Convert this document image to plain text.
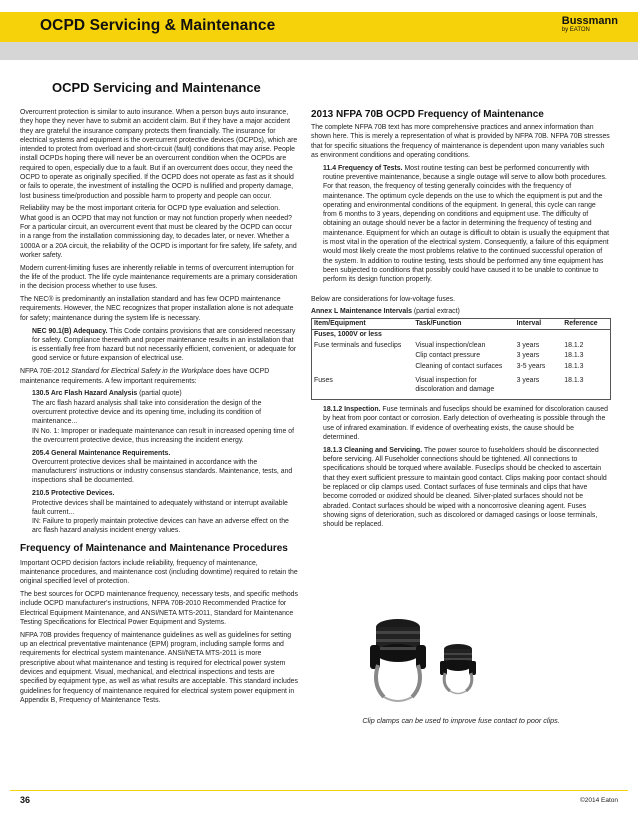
OCPD Servicing & Maintenance	Bussmann
by EATON
OCPD Servicing and Maintenance

Overcurrent protection is similar to auto insurance. When a person buys auto insurance, they hope they never have to submit an accident claim. But if they have a major accident they are grateful the insurance company protects them financially. The insurance for electrical systems and equipment is the overcurrent protective devices (OCPDs), which are intended to protect from overload and short-circuit (fault) conditions that may arise. People install OCPDs hoping there will never be an overcurrent condition when the OCPDs are required to open, especially due to a fault. But if an overcurrent does occur, they need the OCPD to operate as originally specified. If the OCPD does not operate as fast as it should or fails to operate, the investment of installing the OCPD is nullified and property damage, lost business time/production and possible harm to property and people can occur.

Reliability may be the most important criteria for OCPD type evaluation and selection. What good is an OCPD that may not function or may not function properly when needed? For a particular circuit, an overcurrent event that must be cleared by the OCPD can occur in a range from the installation commissioning day, to decades later, or never. Whether a 1000A or a 20A circuit, the reliability of the OCPD is important for fire safety, life safety, and worker safety.

Modern current-limiting fuses are inherently reliable in terms of overcurrent interruption for the life of the product. The life cycle maintenance requirements are a primary consideration in the decision process whether to use fuses.

The NEC® is predominantly an installation standard and has few OCPD maintenance requirements. However, the NEC recognizes that proper installation alone is not adequate for safety; maintenance during the system life is necessary.

NEC 90.1(B) Adequacy. This Code contains provisions that are considered necessary for safety. Compliance therewith and proper maintenance results in an installation that is essentially free from hazard but not necessarily efficient, convenient, or adequate for good service or future expansion of electrical use.

NFPA 70E-2012 Standard for Electrical Safety in the Workplace does have OCPD maintenance requirements. A few important requirements:

130.5 Arc Flash Hazard Analysis (partial quote)

The arc flash hazard analysis shall take into consideration the design of the overcurrent protective device and its opening time, including its condition of maintenance...

IN No. 1: Improper or inadequate maintenance can result in increased opening time of the overcurrent protective device, thus increasing the incident energy.

205.4 General Maintenance Requirements.

Overcurrent protective devices shall be maintained in accordance with the manufacturers' instructions or industry consensus standards. Maintenance, tests, and inspections shall be documented.

210.5 Protective Devices.

Protective devices shall be maintained to adequately withstand or interrupt available fault current...

IN: Failure to properly maintain protective devices can have an adverse effect on the arc flash hazard analysis incident energy values.

Frequency of Maintenance and Maintenance Procedures

Important OCPD decision factors include reliability, frequency of maintenance, maintenance procedures, and maintenance cost (including downtime) required to retain the original specified level of protection.

The best sources for OCPD maintenance frequency, necessary tests, and specific methods include OCPD manufacturer's instructions, NFPA 70B-2010 Recommended Practice for Electrical Equipment Maintenance, and ANSI/NETA MTS-2011, Standard for Maintenance Testing Specifications for Electrical Power Equipment and Systems.

NFPA 70B provides frequency of maintenance guidelines as well as guidelines for setting up an electrical preventative maintenance (EPM) program, including sample forms and requirements for electrical system maintenance. ANSI/NETA MTS-2011 is more prescriptive about what maintenance and testing is required for electrical power system devices and equipment. Visual, mechanical, and electrical inspections and tests are specified by equipment type, as well as what results are acceptable. This standard includes guidelines for frequency of maintenance required for electrical system power equipment in Appendix B, Frequency of Maintenance Tests.

2013 NFPA 70B OCPD Frequency of Maintenance

The complete NFPA 70B text has more comprehensive practices and annex information than shown here. This is merely a representation of what is provided by NFPA 70B. NFPA 70B stresses that for specific situations the frequency of maintenance is dependent upon many variables such as environment conditions and operating conditions.

11.4 Frequency of Tests. Most routine testing can best be performed concurrently with routine preventive maintenance, because a single outage will serve to allow both procedures. For that reason, the frequency of testing generally coincides with the frequency of maintenance. The optimum cycle depends on the use to which the equipment is put and the operating and environmental conditions of the equipment. In general, this cycle can range from 6 months to 3 years, depending on conditions and equipment use. The difficulty of obtaining an outage should never be a factor in determining the frequency of testing and maintenance. Equipment for which an outage is difficult to obtain is usually the equipment that is most vital in the operation of the electrical system. Consequently, a failure of this equipment would most likely create the most problems relative to the continued successful operation of the system. In addition to routine testing, tests should be performed any time equipment has been subjected to conditions that possibly could have caused it to be unable to continue to perform its design function properly.

Below are considerations for low-voltage fuses.

Annex L Maintenance Intervals (partial extract)
Item/Equipment	Task/Function	Interval	Reference
Fuses, 1000V or less			
Fuse terminals and fuseclips	Visual inspection/clean	3 years	18.1.2
	Clip contact pressure	3 years	18.1.3
	Cleaning of contact surfaces	3-5 years	18.1.3
Fuses	Visual inspection for discoloration and damage	3 years	18.1.3

18.1.2 Inspection. Fuse terminals and fuseclips should be examined for discoloration caused by heat from poor contact or corrosion. Early detection of overheating is possible through the use of infrared examination. If evidence of overheating exists, the cause should be determined.

18.1.3 Cleaning and Servicing. The power source to fuseholders should be disconnected before servicing. All Fuseholder connections should be tightened. All connections to specifications should be torqued where available. Fuseclips should be checked to ascertain that they exert sufficient pressure to maintain good contact. Clips making poor contact should be replaced or clip clamps used. Contact surfaces of fuse terminals and clips that have become corroded or oxidized should be cleaned. Silver-plated surfaces should not be abraded. Contact surfaces should be wiped with a noncorrosive cleaning agent. Fuses showing signs of deterioration, such as discolored or damaged casings or loose terminals, should be replaced.

Clip clamps can be used to improve fuse contact to poor clips.
36	©2014 Eaton
